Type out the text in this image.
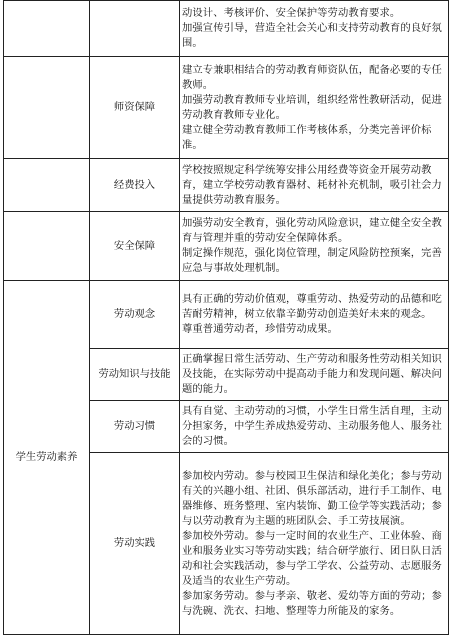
		动设计、考核评价、安全保护等劳动教育要求。
加强宣传引导，营造全社会关心和支持劳动教育的良好氛围。

	师资保障	建立专兼职相结合的劳动教育师资队伍，配备必要的专任教师。
加强劳动教育教师专业培训，组织经常性教研活动，促进劳动教育教师专业化。
建立健全劳动教育教师工作考核体系，分类完善评价标准。

	经费投入	学校按照规定科学统筹安排公用经费等资金开展劳动教育，建立学校劳动教育器材、耗材补充机制，吸引社会力量提供劳动教育服务。

	安全保障	加强劳动安全教育，强化劳动风险意识，建立健全安全教育与管理并重的劳动安全保障体系。
制定操作规范，强化岗位管理，制定风险防控预案，完善应急与事故处理机制。

学生劳动素养	劳动观念	具有正确的劳动价值观，尊重劳动、热爱劳动的品德和吃苦耐劳精神，树立依靠辛勤劳动创造美好未来的观念。
尊重普通劳动者，珍惜劳动成果。

	劳动知识与技能	正确掌握日常生活劳动、生产劳动和服务性劳动相关知识及技能，在实际劳动中提高动手能力和发现问题、解决问题的能力。

	劳动习惯	具有自觉、主动劳动的习惯，小学生日常生活自理，主动分担家务，中学生养成热爱劳动、主动服务他人、服务社会的习惯。

	劳动实践	参加校内劳动。参与校园卫生保洁和绿化美化；参与劳动有关的兴趣小组、社团、俱乐部活动，进行手工制作、电器维修、班务整理、室内装饰、勤工俭学等实践活动；参与以劳动教育为主题的班团队会、手工劳技展演。
参加校外劳动。参与一定时间的农业生产、工业体验、商业和服务业实习等劳动实践；结合研学旅行、团日队日活动和社会实践活动，参与学工学农、公益劳动、志愿服务及适当的农业生产劳动。
参加家务劳动。参与孝亲、敬老、爱幼等方面的劳动；参与洗碗、洗衣、扫地、整理等力所能及的家务。
